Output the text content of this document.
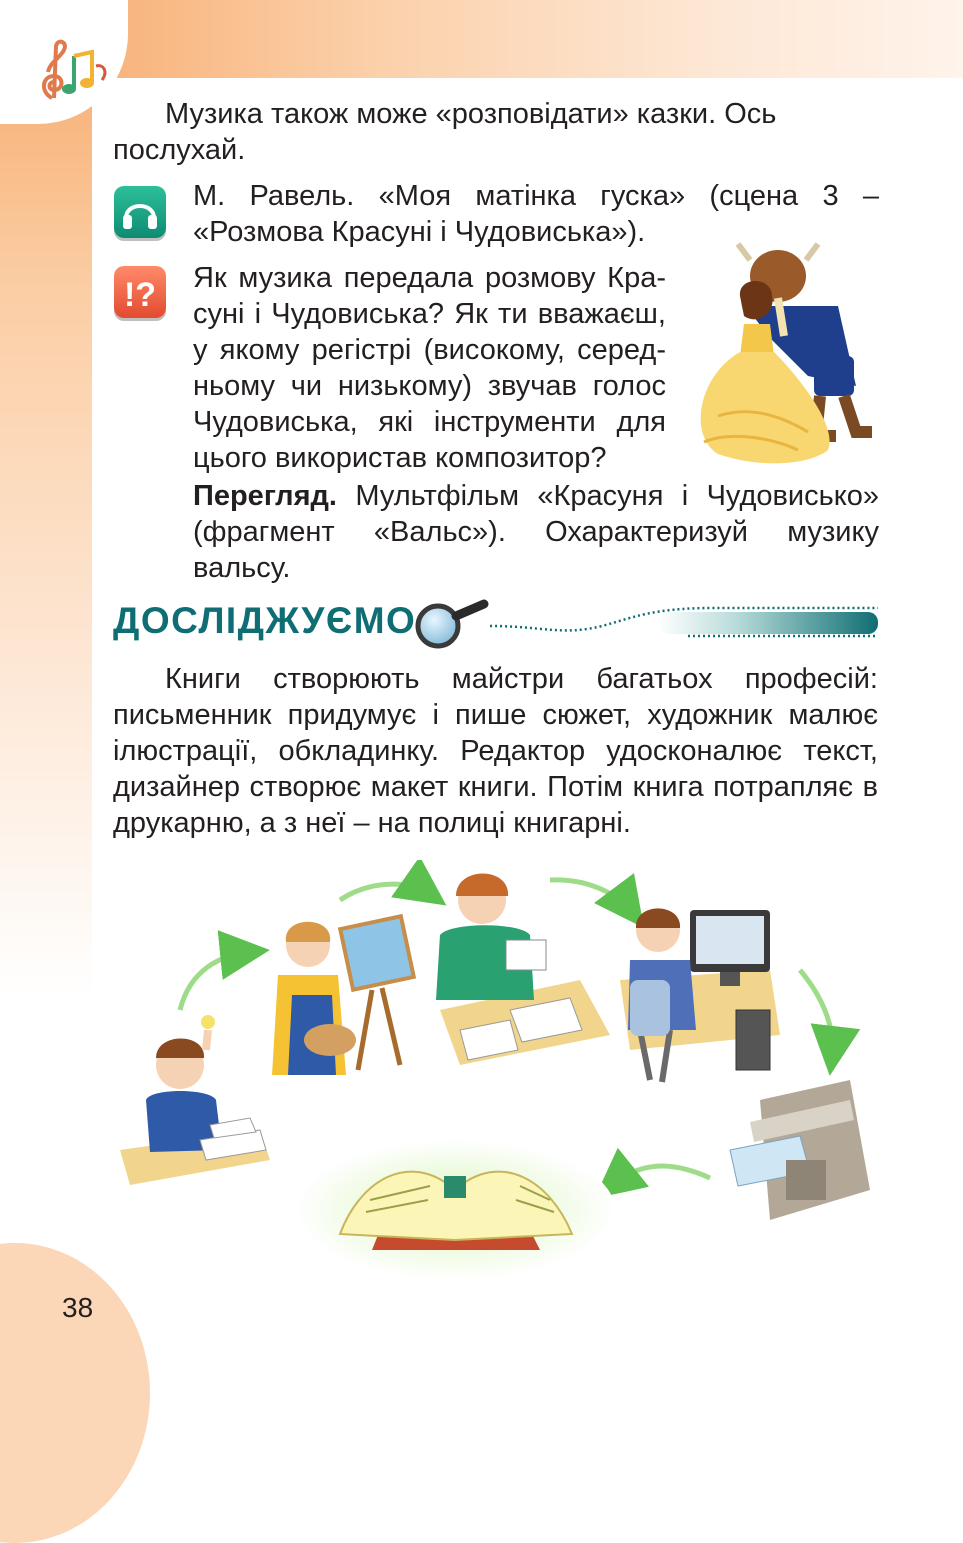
Музика також може «розповідати» казки. Ось послухай.

М. Равель. «Моя матінка гуска» (сцена 3 – «Розмова Красуні і Чудовиська»).

!? Як музика передала розмову Кра-
суні і Чудовиська? Як ти вважаєш,
у якому регістрі (високому, серед-
ньому чи низькому) звучав голос
Чудовиська, які інструменти для
цього використав композитор?

Перегляд. Мультфільм «Красуня і Чудовисько» (фрагмент «Вальс»). Охарактеризуй музику вальсу.

ДОСЛІДЖУЄМО

Книги створюють майстри багатьох професій: письменник придумує і пише сюжет, художник малює ілюстрації, обкладинку. Редактор удосконалює текст, дизайнер створює макет книги. Потім книга потрапляє в друкарню, а з неї – на полиці книгарні.

38
